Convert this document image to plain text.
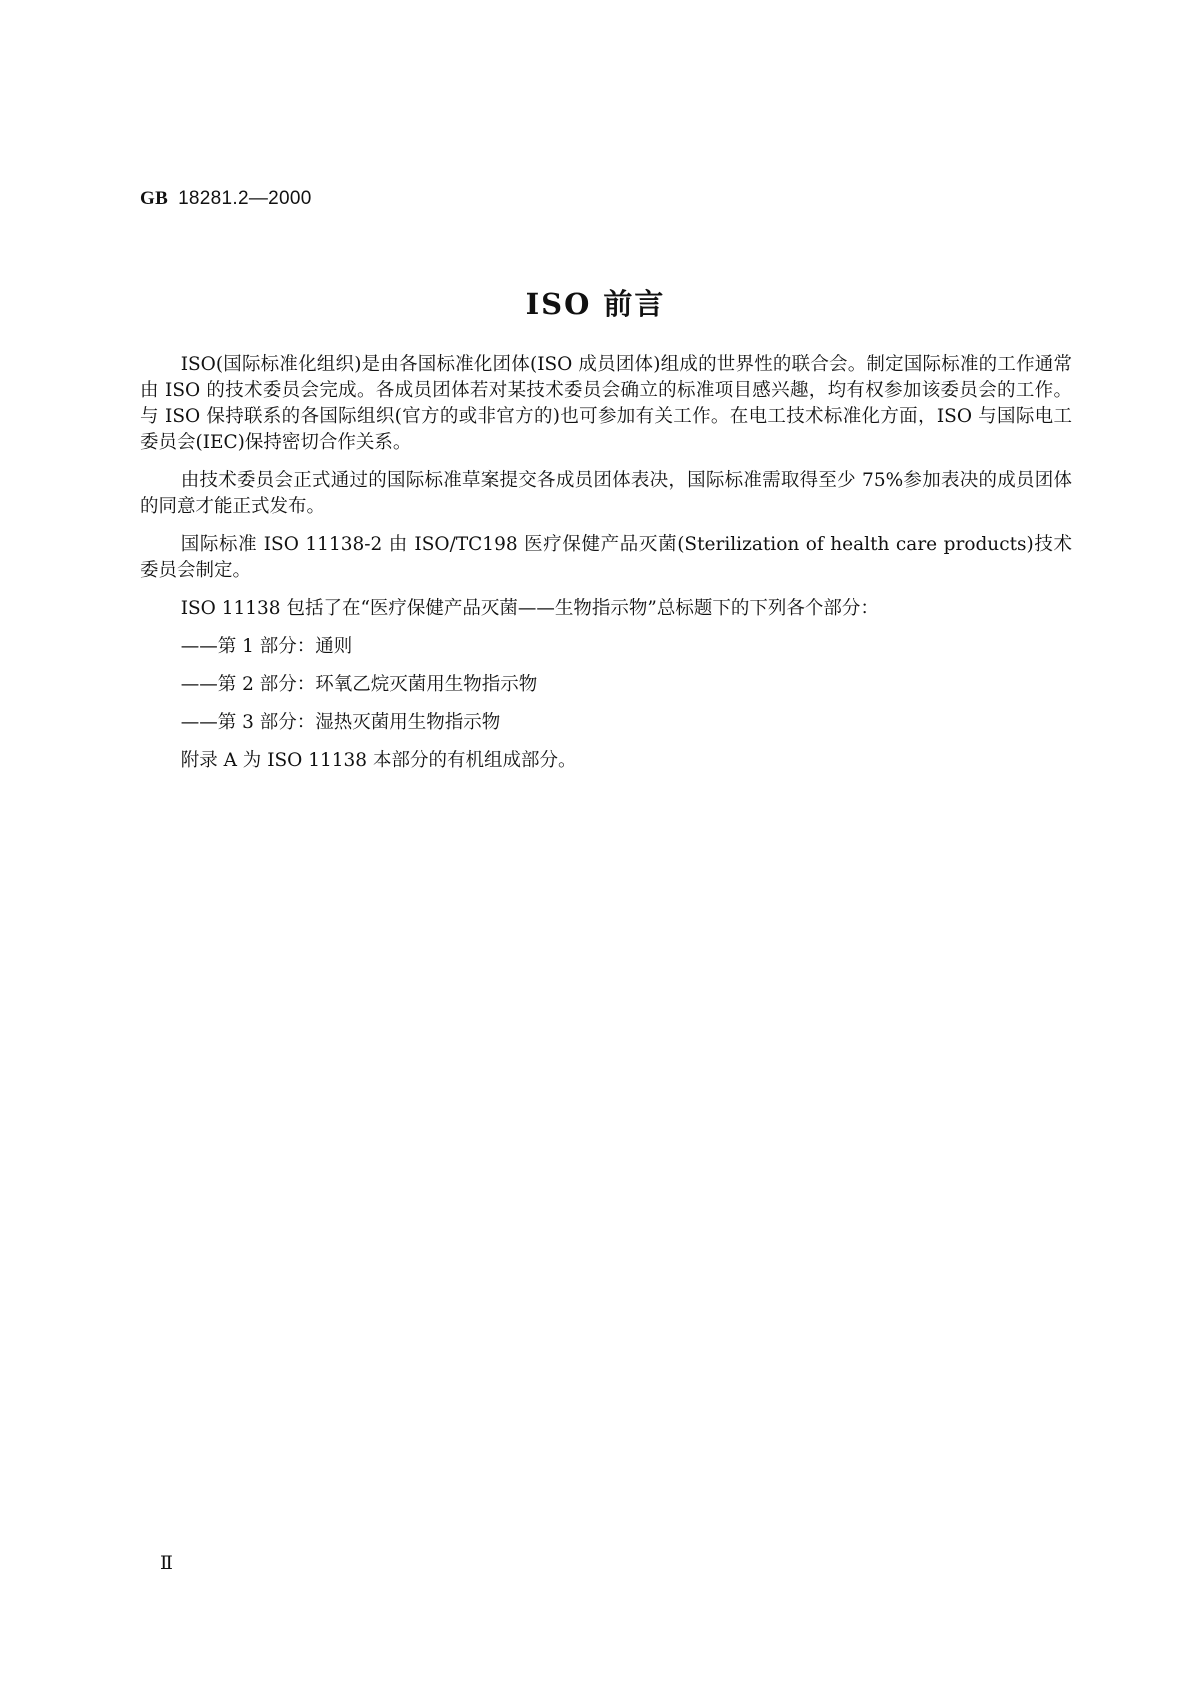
GB 18281.2—2000
ISO 前言

ISO(国际标准化组织)是由各国标准化团体(ISO 成员团体)组成的世界性的联合会。制定国际标准的工作通常由 ISO 的技术委员会完成。各成员团体若对某技术委员会确立的标准项目感兴趣，均有权参加该委员会的工作。与 ISO 保持联系的各国际组织(官方的或非官方的)也可参加有关工作。在电工技术标准化方面，ISO 与国际电工委员会(IEC)保持密切合作关系。

由技术委员会正式通过的国际标准草案提交各成员团体表决，国际标准需取得至少 75%参加表决的成员团体的同意才能正式发布。

国际标准 ISO 11138-2 由 ISO/TC198 医疗保健产品灭菌(Sterilization of health care products)技术委员会制定。

ISO 11138 包括了在“医疗保健产品灭菌——生物指示物”总标题下的下列各个部分：

——第 1 部分：通则

——第 2 部分：环氧乙烷灭菌用生物指示物

——第 3 部分：湿热灭菌用生物指示物

附录 A 为 ISO 11138 本部分的有机组成部分。

Ⅱ
